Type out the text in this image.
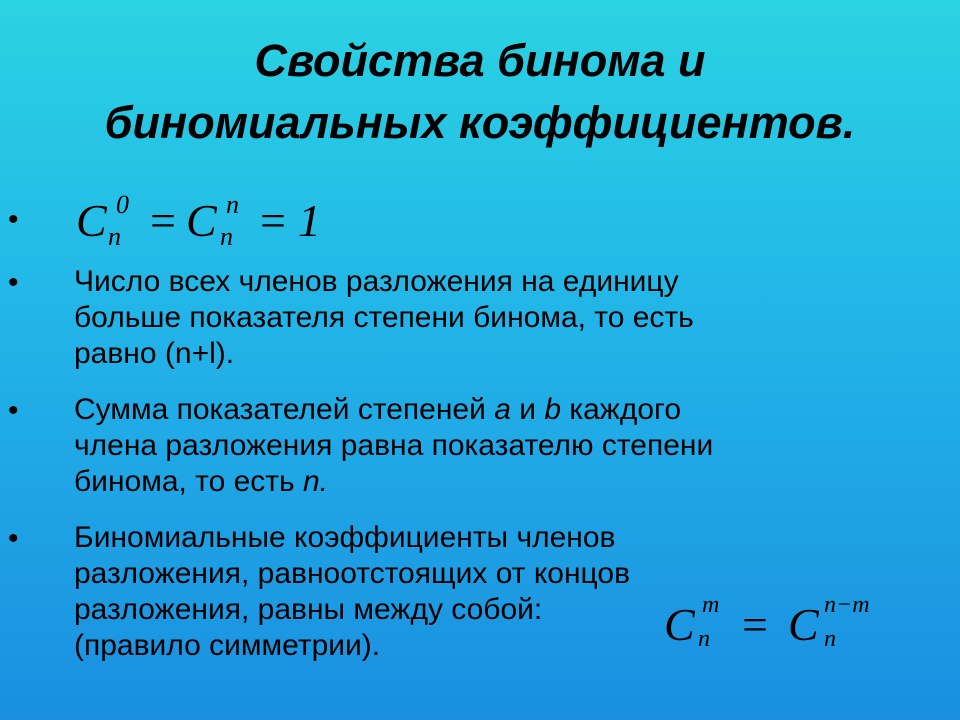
Свойства бинома и
биномиальных коэффициентов.
• C 0
n = C n
n = 1
• Число всех членов разложения на единицу
больше показателя степени бинома, то есть
равно (n+l).
• Сумма показателей степеней a и b каждого
члена разложения равна показателю степени
бинома, то есть n.
• Биномиальные коэффициенты членов
разложения, равноотстоящих от концов
разложения, равны между собой:
(правило симметрии).	C m
n = C n−m
n
